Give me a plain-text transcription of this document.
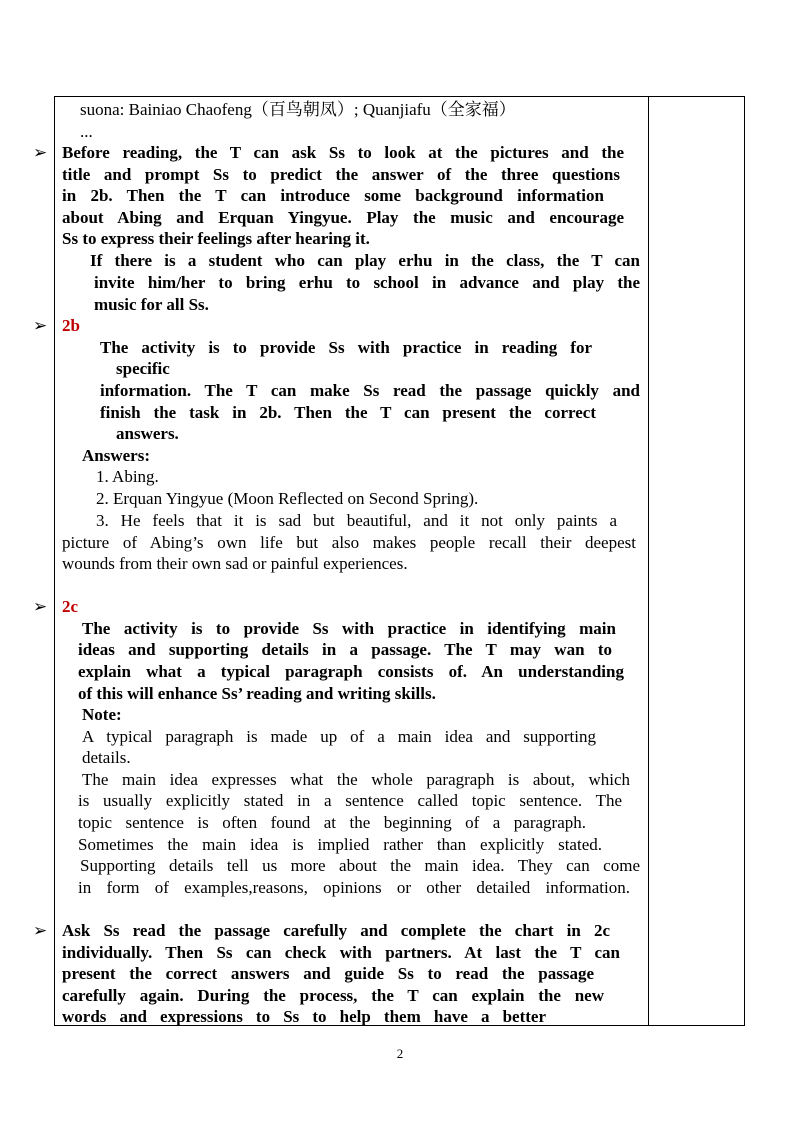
suona: Bainiao Chaofeng（百鸟朝凤）; Quanjiafu（全家福）
...
➢ Before reading, the T can ask Ss to look at the pictures and the
title and prompt Ss to predict the answer of the three questions
in 2b. Then the T can introduce some background information
about Abing and Erquan Yingyue. Play the music and encourage
Ss to express their feelings after hearing it.
If there is a student who can play erhu in the class, the T can
invite him/her to bring erhu to school in advance and play the
music for all Ss.
➢ 2b
The activity is to provide Ss with practice in reading for
specific
information. The T can make Ss read the passage quickly and
finish the task in 2b. Then the T can present the correct
answers.
Answers:
1. Abing.
2. Erquan Yingyue (Moon Reflected on Second Spring).
3. He feels that it is sad but beautiful, and it not only paints a
picture of Abing’s own life but also makes people recall their deepest
wounds from their own sad or painful experiences.
➢ 2c
The activity is to provide Ss with practice in identifying main
ideas and supporting details in a passage. The T may wan to
explain what a typical paragraph consists of. An understanding
of this will enhance Ss’ reading and writing skills.
Note:
A typical paragraph is made up of a main idea and supporting
details.
The main idea expresses what the whole paragraph is about, which
is usually explicitly stated in a sentence called topic sentence. The
topic sentence is often found at the beginning of a paragraph.
Sometimes the main idea is implied rather than explicitly stated.
Supporting details tell us more about the main idea. They can come
in form of examples,reasons, opinions or other detailed information.
➢ Ask Ss read the passage carefully and complete the chart in 2c
individually. Then Ss can check with partners. At last the T can
present the correct answers and guide Ss to read the passage
carefully again. During the process, the T can explain the new
words and expressions to Ss to help them have a better
2
